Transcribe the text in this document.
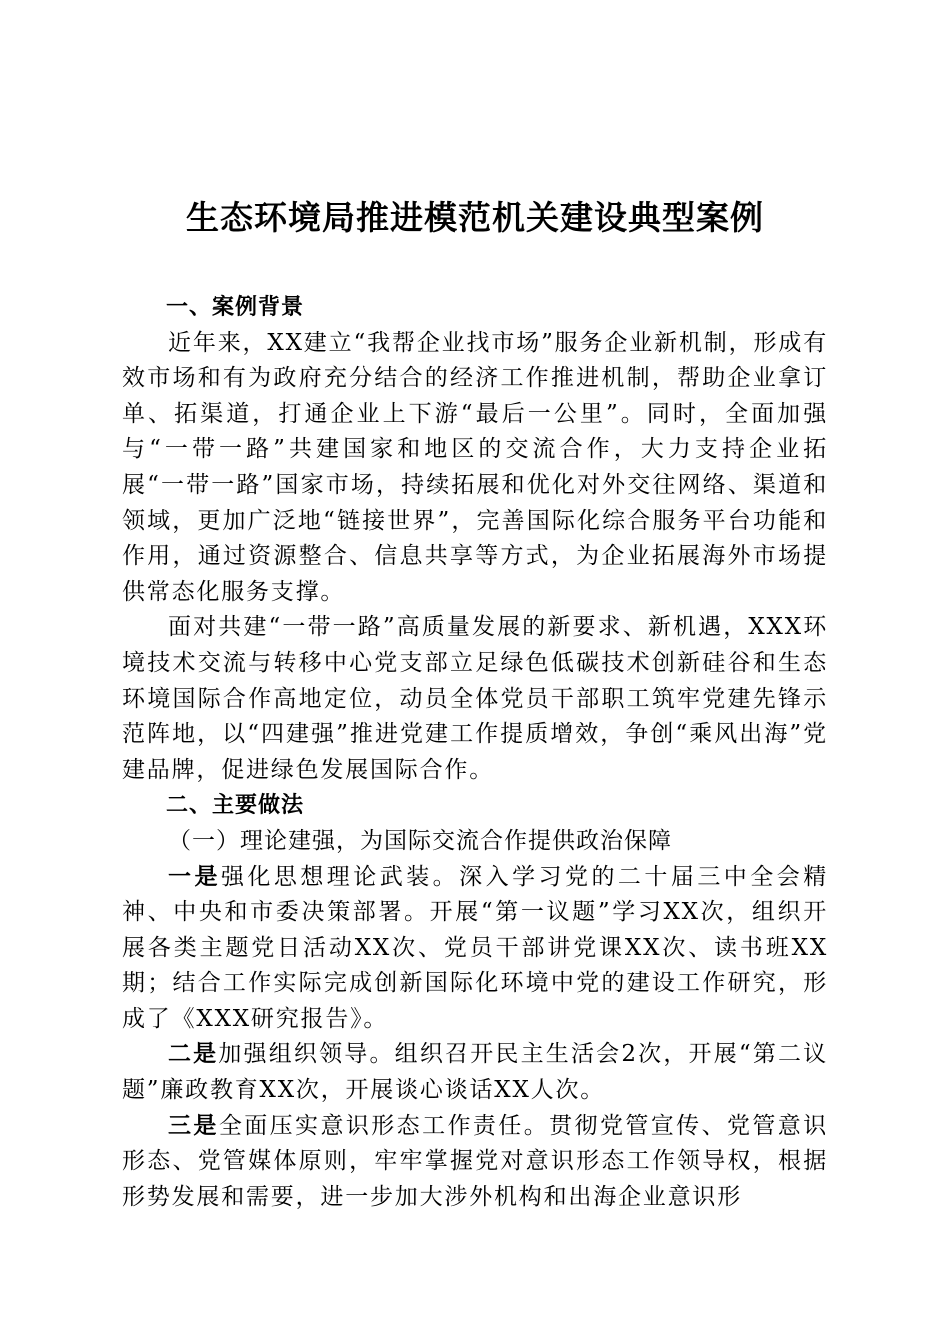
生态环境局推进模范机关建设典型案例

一、案例背景

近年来，XX建立“我帮企业找市场”服务企业新机制，形成有效市场和有为政府充分结合的经济工作推进机制，帮助企业拿订单、拓渠道，打通企业上下游“最后一公里”。同时，全面加强与“一带一路”共建国家和地区的交流合作，大力支持企业拓展“一带一路”国家市场，持续拓展和优化对外交往网络、渠道和领域，更加广泛地“链接世界”，完善国际化综合服务平台功能和作用，通过资源整合、信息共享等方式，为企业拓展海外市场提供常态化服务支撑。

面对共建“一带一路”高质量发展的新要求、新机遇，XXX环境技术交流与转移中心党支部立足绿色低碳技术创新硅谷和生态环境国际合作高地定位，动员全体党员干部职工筑牢党建先锋示范阵地，以“四建强”推进党建工作提质增效，争创“乘风出海”党建品牌，促进绿色发展国际合作。

二、主要做法

（一）理论建强，为国际交流合作提供政治保障

一是强化思想理论武装。深入学习党的二十届三中全会精神、中央和市委决策部署。开展“第一议题”学习XX次，组织开展各类主题党日活动XX次、党员干部讲党课XX次、读书班XX期；结合工作实际完成创新国际化环境中党的建设工作研究，形成了《XXX研究报告》。

二是加强组织领导。组织召开民主生活会2次，开展“第二议题”廉政教育XX次，开展谈心谈话XX人次。

三是全面压实意识形态工作责任。贯彻党管宣传、党管意识形态、党管媒体原则，牢牢掌握党对意识形态工作领导权，根据形势发展和需要，进一步加大涉外机构和出海企业意识形
